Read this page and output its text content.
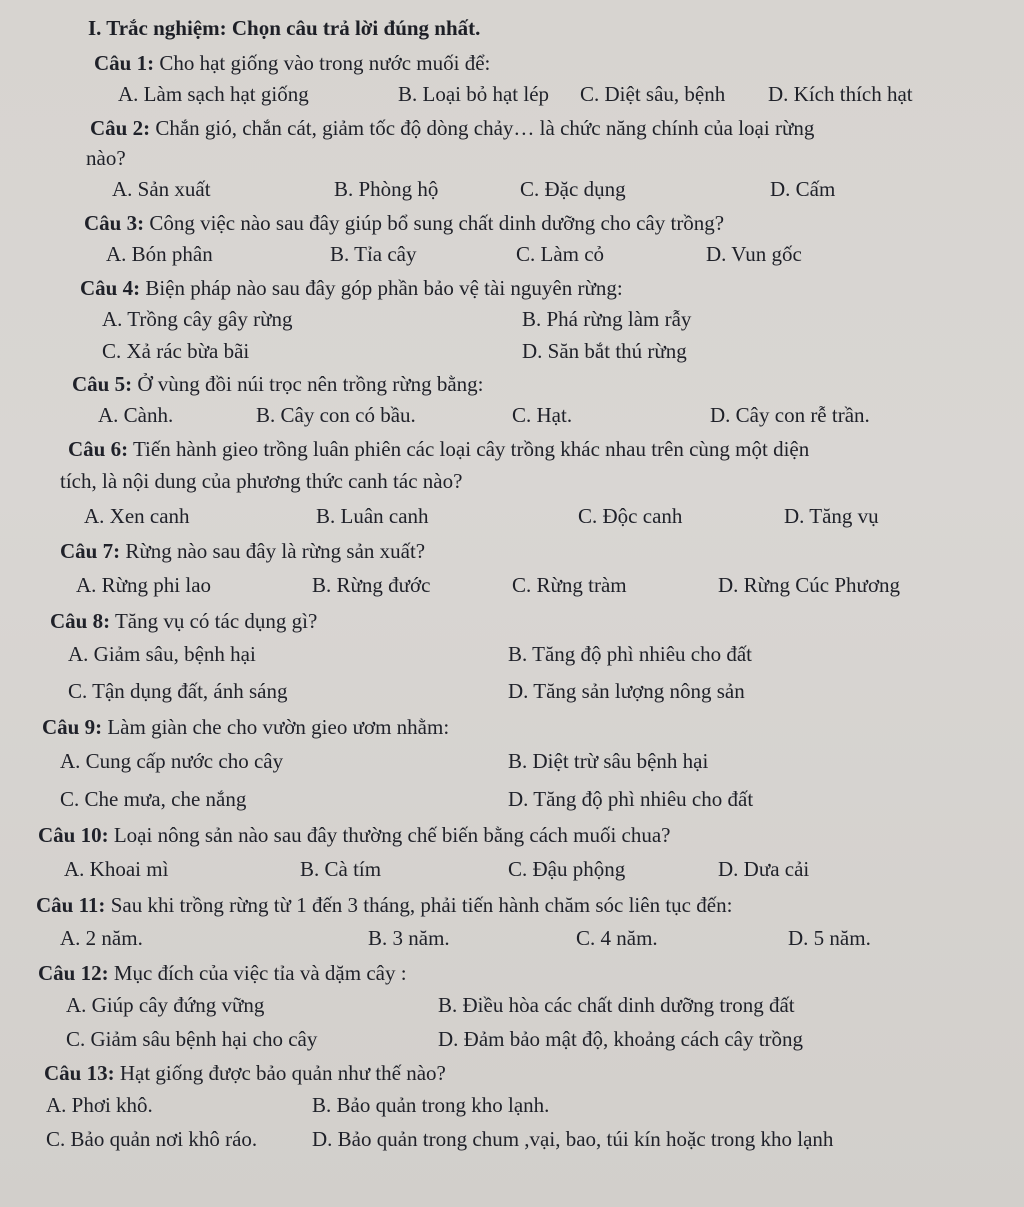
I. Trắc nghiệm: Chọn câu trả lời đúng nhất.

Câu 1: Cho hạt giống vào trong nước muối để:

A. Làm sạch hạt giống	B. Loại bỏ hạt lép	C. Diệt sâu, bệnh	D. Kích thích hạt

Câu 2: Chắn gió, chắn cát, giảm tốc độ dòng chảy… là chức năng chính của loại rừng

nào?
A. Sản xuất	B. Phòng hộ	C. Đặc dụng	D. Cấm

Câu 3: Công việc nào sau đây giúp bổ sung chất dinh dưỡng cho cây trồng?

A. Bón phân	B. Tỉa cây	C. Làm cỏ	D. Vun gốc

Câu 4: Biện pháp nào sau đây góp phần bảo vệ tài nguyên rừng:

A. Trồng cây gây rừng	B. Phá rừng làm rẫy
C. Xả rác bừa bãi	D. Săn bắt thú rừng

Câu 5: Ở vùng đồi núi trọc nên trồng rừng bằng:

A. Cành.	B. Cây con có bầu.	C. Hạt.	D. Cây con rễ trần.

Câu 6: Tiến hành gieo trồng luân phiên các loại cây trồng khác nhau trên cùng một diện

tích, là nội dung của phương thức canh tác nào?
A. Xen canh	B. Luân canh	C. Độc canh	D. Tăng vụ

Câu 7: Rừng nào sau đây là rừng sản xuất?

A. Rừng phi lao	B. Rừng đước	C. Rừng tràm	D. Rừng Cúc Phương

Câu 8: Tăng vụ có tác dụng gì?

A. Giảm sâu, bệnh hại	B. Tăng độ phì nhiêu cho đất
C. Tận dụng đất, ánh sáng	D. Tăng sản lượng nông sản

Câu 9: Làm giàn che cho vườn gieo ươm nhằm:

A. Cung cấp nước cho cây	B. Diệt trừ sâu bệnh hại
C. Che mưa, che nắng	D. Tăng độ phì nhiêu cho đất

Câu 10: Loại nông sản nào sau đây thường chế biến bằng cách muối chua?

A. Khoai mì	B. Cà tím	C. Đậu phộng	D. Dưa cải

Câu 11: Sau khi trồng rừng từ 1 đến 3 tháng, phải tiến hành chăm sóc liên tục đến:

A. 2 năm.	B. 3 năm.	C. 4 năm.	D. 5 năm.

Câu 12: Mục đích của việc tỉa và dặm cây :

A. Giúp cây đứng vững	B. Điều hòa các chất dinh dưỡng trong đất
C. Giảm sâu bệnh hại cho cây	D. Đảm bảo mật độ, khoảng cách cây trồng

Câu 13: Hạt giống được bảo quản như thế nào?

A. Phơi khô.	B. Bảo quản trong kho lạnh.
C. Bảo quản nơi khô ráo.	D. Bảo quản trong chum ,vại, bao, túi kín hoặc trong kho lạnh
